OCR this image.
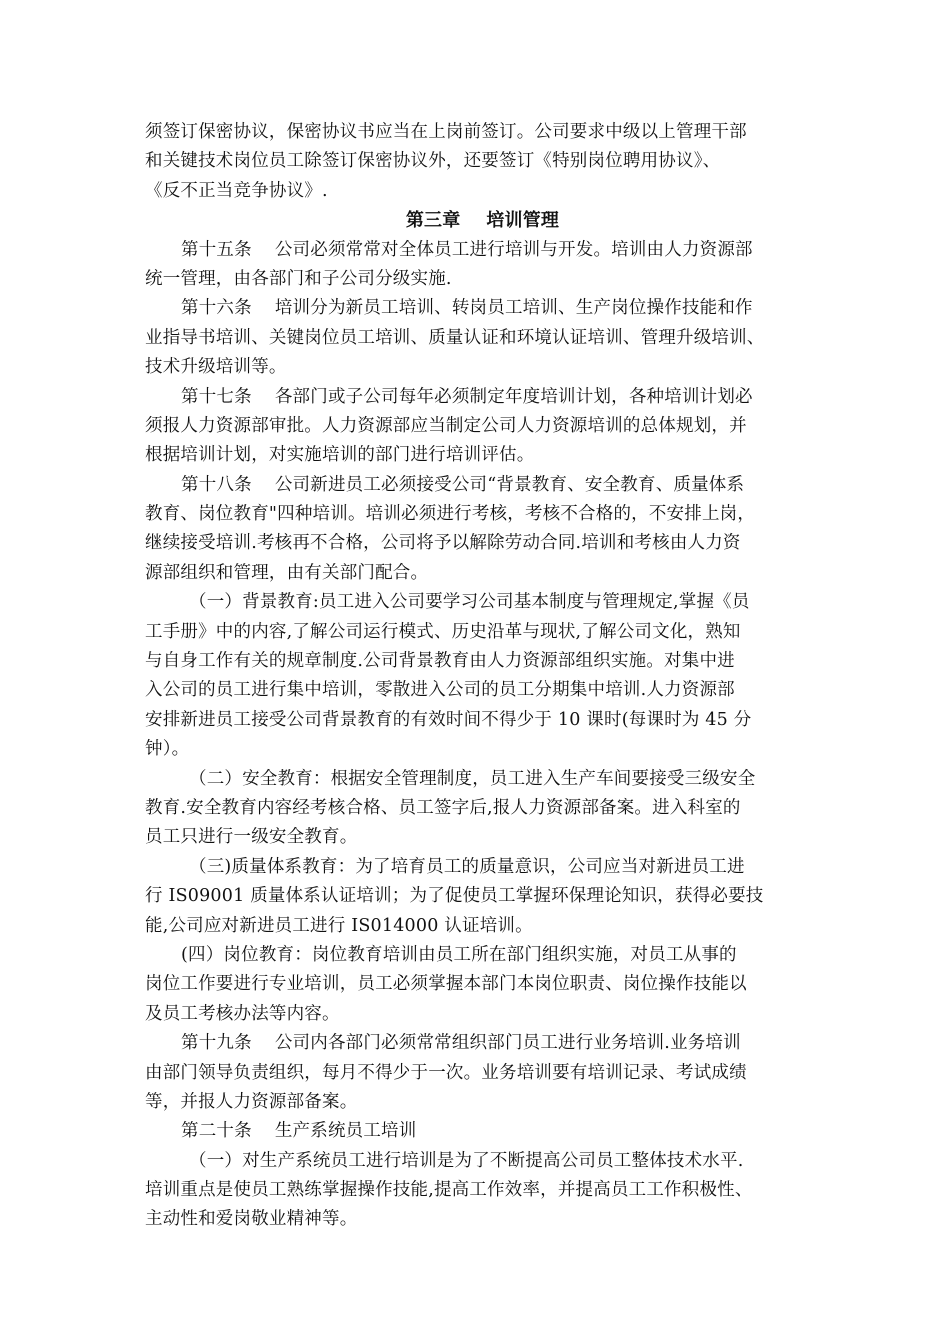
须签订保密协议，保密协议书应当在上岗前签订。公司要求中级以上管理干部
和关键技术岗位员工除签订保密协议外，还要签订《特别岗位聘用协议》、
《反不正当竞争协议》.
第三章    培训管理
第十五条    公司必须常常对全体员工进行培训与开发。培训由人力资源部
统一管理，由各部门和子公司分级实施.
第十六条    培训分为新员工培训、转岗员工培训、生产岗位操作技能和作
业指导书培训、关键岗位员工培训、质量认证和环境认证培训、管理升级培训、
技术升级培训等。
第十七条    各部门或子公司每年必须制定年度培训计划，各种培训计划必
须报人力资源部审批。人力资源部应当制定公司人力资源培训的总体规划，并
根据培训计划，对实施培训的部门进行培训评估。
第十八条    公司新进员工必须接受公司“背景教育、安全教育、质量体系
教育、岗位教育"四种培训。培训必须进行考核，考核不合格的，不安排上岗，
继续接受培训.考核再不合格，公司将予以解除劳动合同.培训和考核由人力资
源部组织和管理，由有关部门配合。
（一）背景教育:员工进入公司要学习公司基本制度与管理规定,掌握《员
工手册》中的内容,了解公司运行模式、历史沿革与现状,了解公司文化，熟知
与自身工作有关的规章制度.公司背景教育由人力资源部组织实施。对集中进
入公司的员工进行集中培训，零散进入公司的员工分期集中培训.人力资源部
安排新进员工接受公司背景教育的有效时间不得少于 10 课时(每课时为 45 分
钟）。
（二）安全教育：根据安全管理制度，员工进入生产车间要接受三级安全
教育.安全教育内容经考核合格、员工签字后,报人力资源部备案。进入科室的
员工只进行一级安全教育。
（三)质量体系教育：为了培育员工的质量意识，公司应当对新进员工进
行 IS09001 质量体系认证培训；为了促使员工掌握环保理论知识，获得必要技
能,公司应对新进员工进行 IS014000 认证培训。
(四）岗位教育：岗位教育培训由员工所在部门组织实施，对员工从事的
岗位工作要进行专业培训，员工必须掌握本部门本岗位职责、岗位操作技能以
及员工考核办法等内容。
第十九条    公司内各部门必须常常组织部门员工进行业务培训.业务培训
由部门领导负责组织，每月不得少于一次。业务培训要有培训记录、考试成绩
等，并报人力资源部备案。
第二十条    生产系统员工培训
（一）对生产系统员工进行培训是为了不断提高公司员工整体技术水平.
培训重点是使员工熟练掌握操作技能,提高工作效率，并提高员工工作积极性、
主动性和爱岗敬业精神等。
